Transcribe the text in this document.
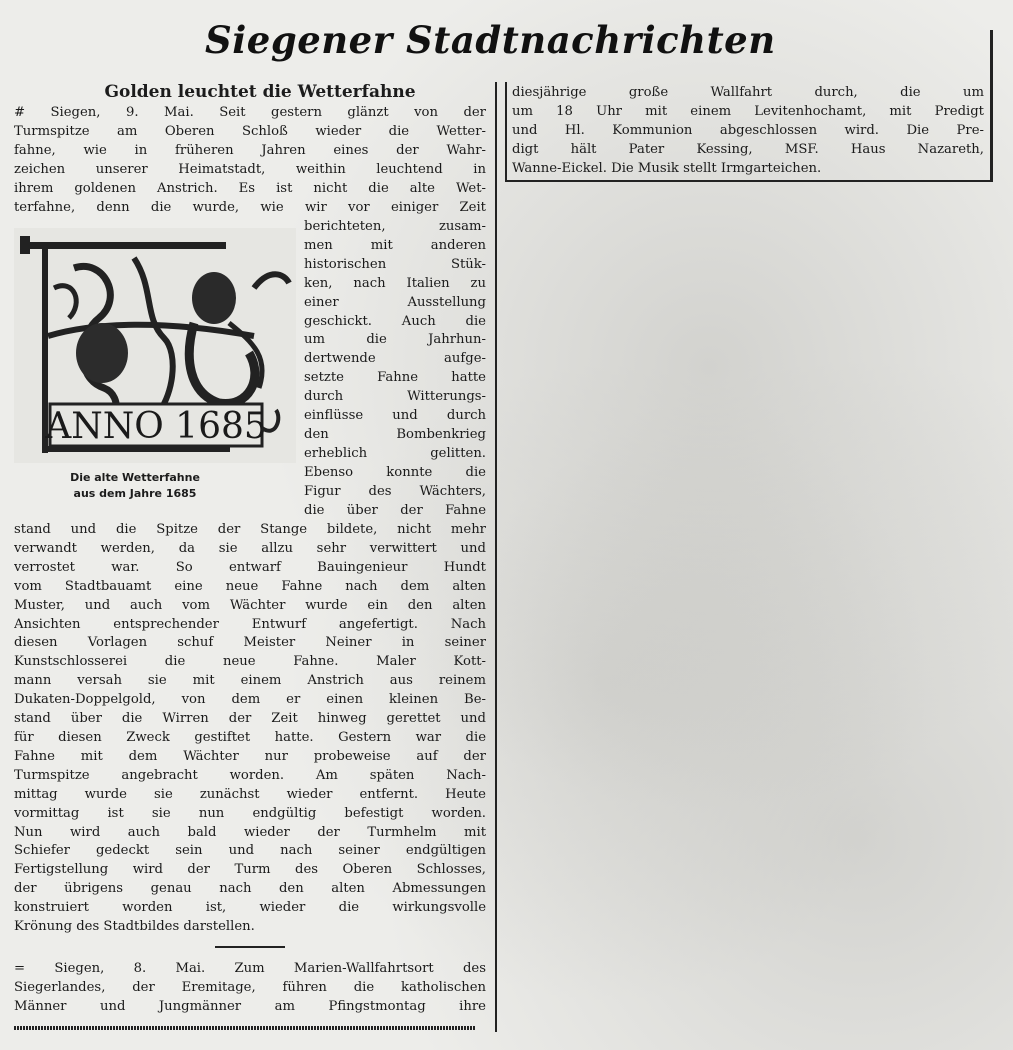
Siegener Stadtnachrichten
Golden leuchtet die Wetterfahne
# Siegen, 9. Mai. Seit gestern glänzt von der
Turmspitze am Oberen Schloß wieder die Wetter-
fahne, wie in früheren Jahren eines der Wahr-
zeichen unserer Heimatstadt, weithin leuchtend in
ihrem goldenen Anstrich. Es ist nicht die alte Wet-
terfahne, denn die wurde, wie wir vor einiger Zeit
ANNO 1685
Die alte Wetterfahne
aus dem Jahre 1685
berichteten, zusam-
men mit anderen
historischen Stük-
ken, nach Italien zu
einer Ausstellung
geschickt. Auch die
um die Jahrhun-
dertwende aufge-
setzte Fahne hatte
durch Witterungs-
einflüsse und durch
den Bombenkrieg
erheblich gelitten.
Ebenso konnte die
Figur des Wächters,
die über der Fahne
stand und die Spitze der Stange bildete, nicht mehr
verwandt werden, da sie allzu sehr verwittert und
verrostet war. So entwarf Bauingenieur Hundt
vom Stadtbauamt eine neue Fahne nach dem alten
Muster, und auch vom Wächter wurde ein den alten
Ansichten entsprechender Entwurf angefertigt. Nach
diesen Vorlagen schuf Meister Neiner in seiner
Kunstschlosserei die neue Fahne. Maler Kott-
mann versah sie mit einem Anstrich aus reinem
Dukaten-Doppelgold, von dem er einen kleinen Be-
stand über die Wirren der Zeit hinweg gerettet und
für diesen Zweck gestiftet hatte. Gestern war die
Fahne mit dem Wächter nur probeweise auf der
Turmspitze angebracht worden. Am späten Nach-
mittag wurde sie zunächst wieder entfernt. Heute
vormittag ist sie nun endgültig befestigt worden.
Nun wird auch bald wieder der Turmhelm mit
Schiefer gedeckt sein und nach seiner endgültigen
Fertigstellung wird der Turm des Oberen Schlosses,
der übrigens genau nach den alten Abmessungen
konstruiert worden ist, wieder die wirkungsvolle
Krönung des Stadtbildes darstellen.
= Siegen, 8. Mai. Zum Marien-Wallfahrtsort des
Siegerlandes, der Eremitage, führen die katholischen
Männer und Jungmänner am Pfingstmontag ihre
diesjährige große Wallfahrt durch, die um
um 18 Uhr mit einem Levitenhochamt, mit Predigt
und Hl. Kommunion abgeschlossen wird. Die Pre-
digt hält Pater Kessing, MSF. Haus Nazareth,
Wanne-Eickel. Die Musik stellt Irmgarteichen.
